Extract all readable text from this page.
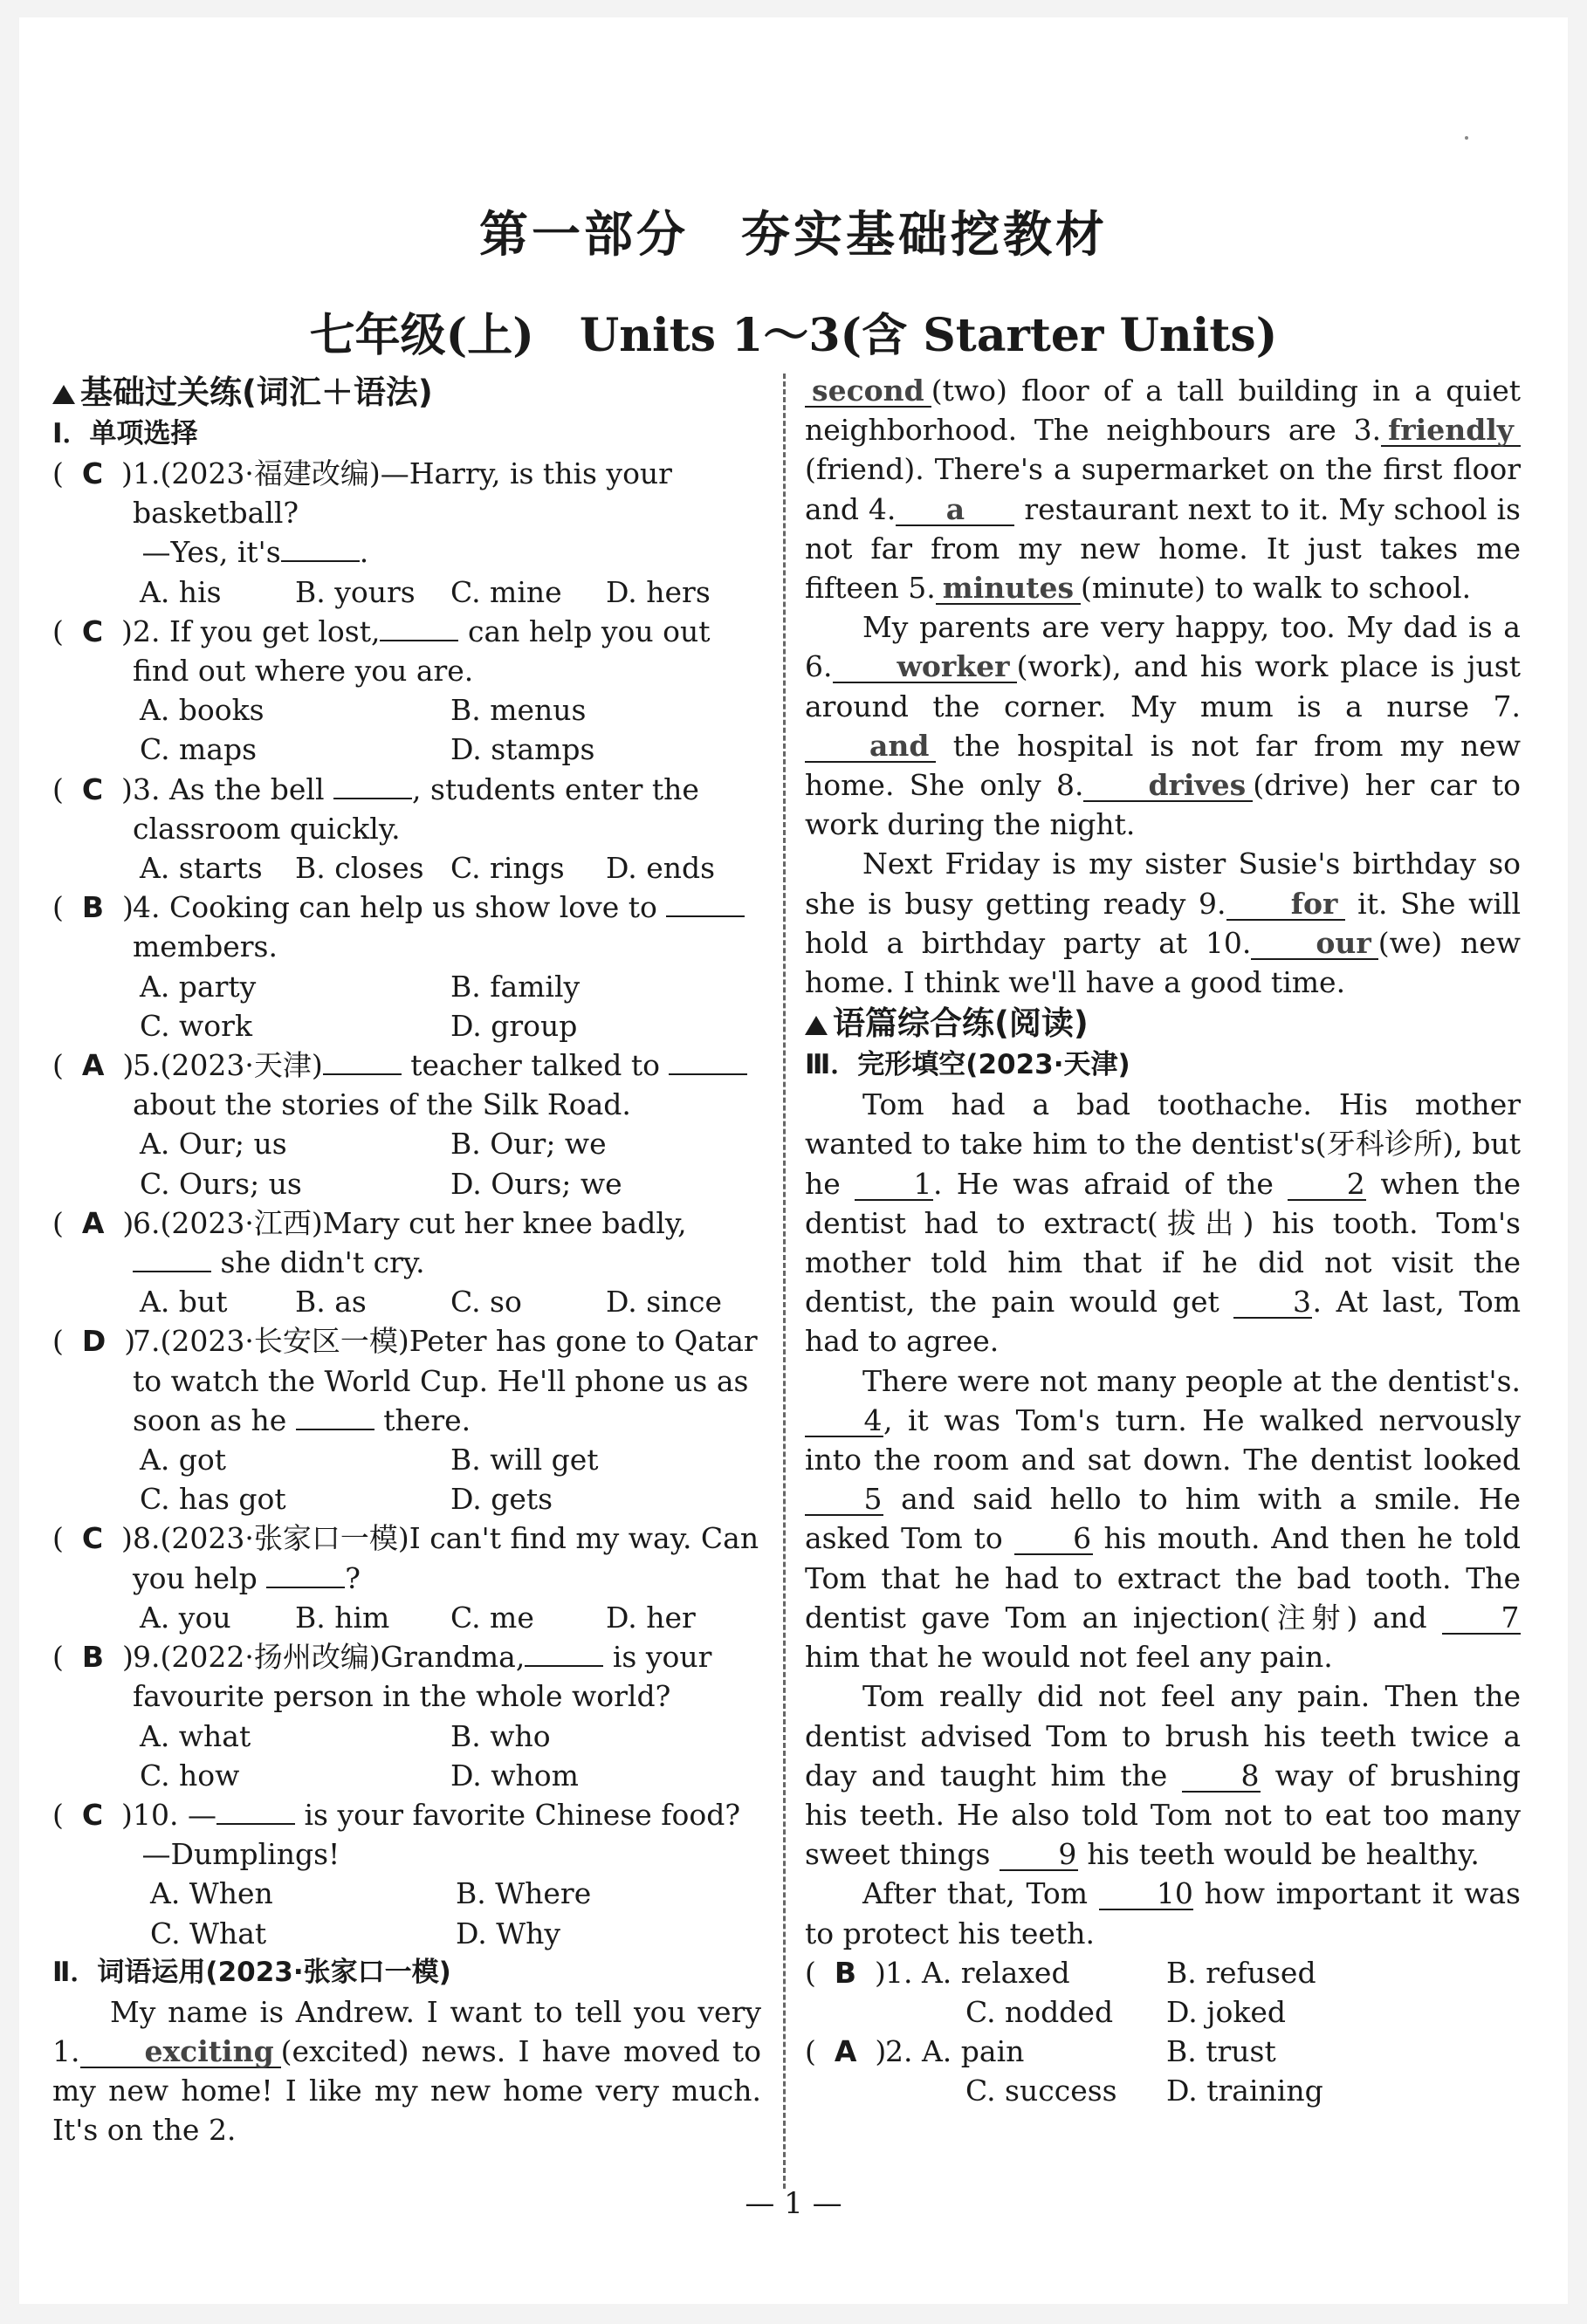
第一部分　夯实基础挖教材
七年级(上)　Units 1～3(含 Starter Units)
基础过关练(词汇＋语法)
Ⅰ．单项选择
(  C  ) 1.(2023·福建改编)—Harry, is this your basketball?
—Yes, it's	.
A. his	B. yours	C. mine	D. hers
(  C  ) 2. If you get lost,	can help you out find out where you are.
A. books	B. menus
C. maps	D. stamps
(  C  ) 3. As the bell	, students enter the classroom quickly.
A. starts	B. closes C. rings	D. ends
(  B  ) 4. Cooking can help us show love to  members.
A. party	B. family
C. work	D. group
(  A  )
5.(2023·天津)	teacher talked to  about the stories of the Silk Road.
A. Our; us	B. Our; we
C. Ours; us	D. Ours; we
(  A  )
6.(2023·江西)Mary cut her knee badly, she didn't cry.
A. but	B. as	C. so	D. since
(  D  )
7.(2023·长安区一模)Peter has gone to Qatar to watch the World Cup. He'll phone us as soon as he	there.
A. got	B. will get
C. has got	D. gets
(  C  ) 8.(2023·张家口一模)I can't find my way. Can you help	?
A. you	B. him	C. me	D. her
(  B  ) 9.(2022·扬州改编)Grandma,	is your favourite person in the whole world?
A. what	B. who
C. how	D. whom
(  C  ) 10. —	is your favorite Chinese food?
—Dumplings!
A. When	B. Where
C. What	D. Why
Ⅱ．词语运用(2023·张家口一模)

My name is Andrew. I want to tell you very 1. exciting (excited) news. I have moved to my new home! I like my new home very much. It's on the 2.

second (two) floor of a tall building in a quiet neighborhood. The neighbours are 3. friendly(friend). There's a supermarket on the first floor and 4. a restaurant next to it. My school is not far from my new home. It just takes me fifteen 5. minutes (minute) to walk to school.

My parents are very happy, too. My dad is a 6. worker (work), and his work place is just around the corner. My mum is a nurse 7.and the hospital is not far from my new home. She only 8. drives (drive) her car to work during the night.

Next Friday is my sister Susie's birthday so she is busy getting ready 9. for it. She will hold a birthday party at 10. our (we) new home. I think we'll have a good time.

语篇综合练(阅读)
Ⅲ．完形填空(2023·天津)

Tom had a bad toothache. His mother wanted to take him to the dentist's(牙科诊所), but he	1. He was afraid of the	2 when the dentist had to extract(拔出) his tooth. Tom's mother told him that if he did not visit the dentist, the pain would get	3. At last, Tom had to agree.

There were not many people at the dentist's. 4, it was Tom's turn. He walked nervously into the room and sat down. The dentist looked 5 and said hello to him with a smile. He asked Tom to 6 his mouth. And then he told Tom that he had to extract the bad tooth. The dentist gave Tom an injection(注射) and	7 him that he would not feel any pain.

Tom really did not feel any pain. Then the dentist advised Tom to brush his teeth twice a day and taught him the	8 way of brushing his teeth. He also told Tom not to eat too many sweet things 9 his teeth would be healthy.

After that, Tom 10 how important it was to protect his teeth.

(  B  ) 1. A. relaxed	B. refused
C. nodded	D. joked
(  A  )
2. A. pain	B. trust
C. success	D. training
— 1 —
